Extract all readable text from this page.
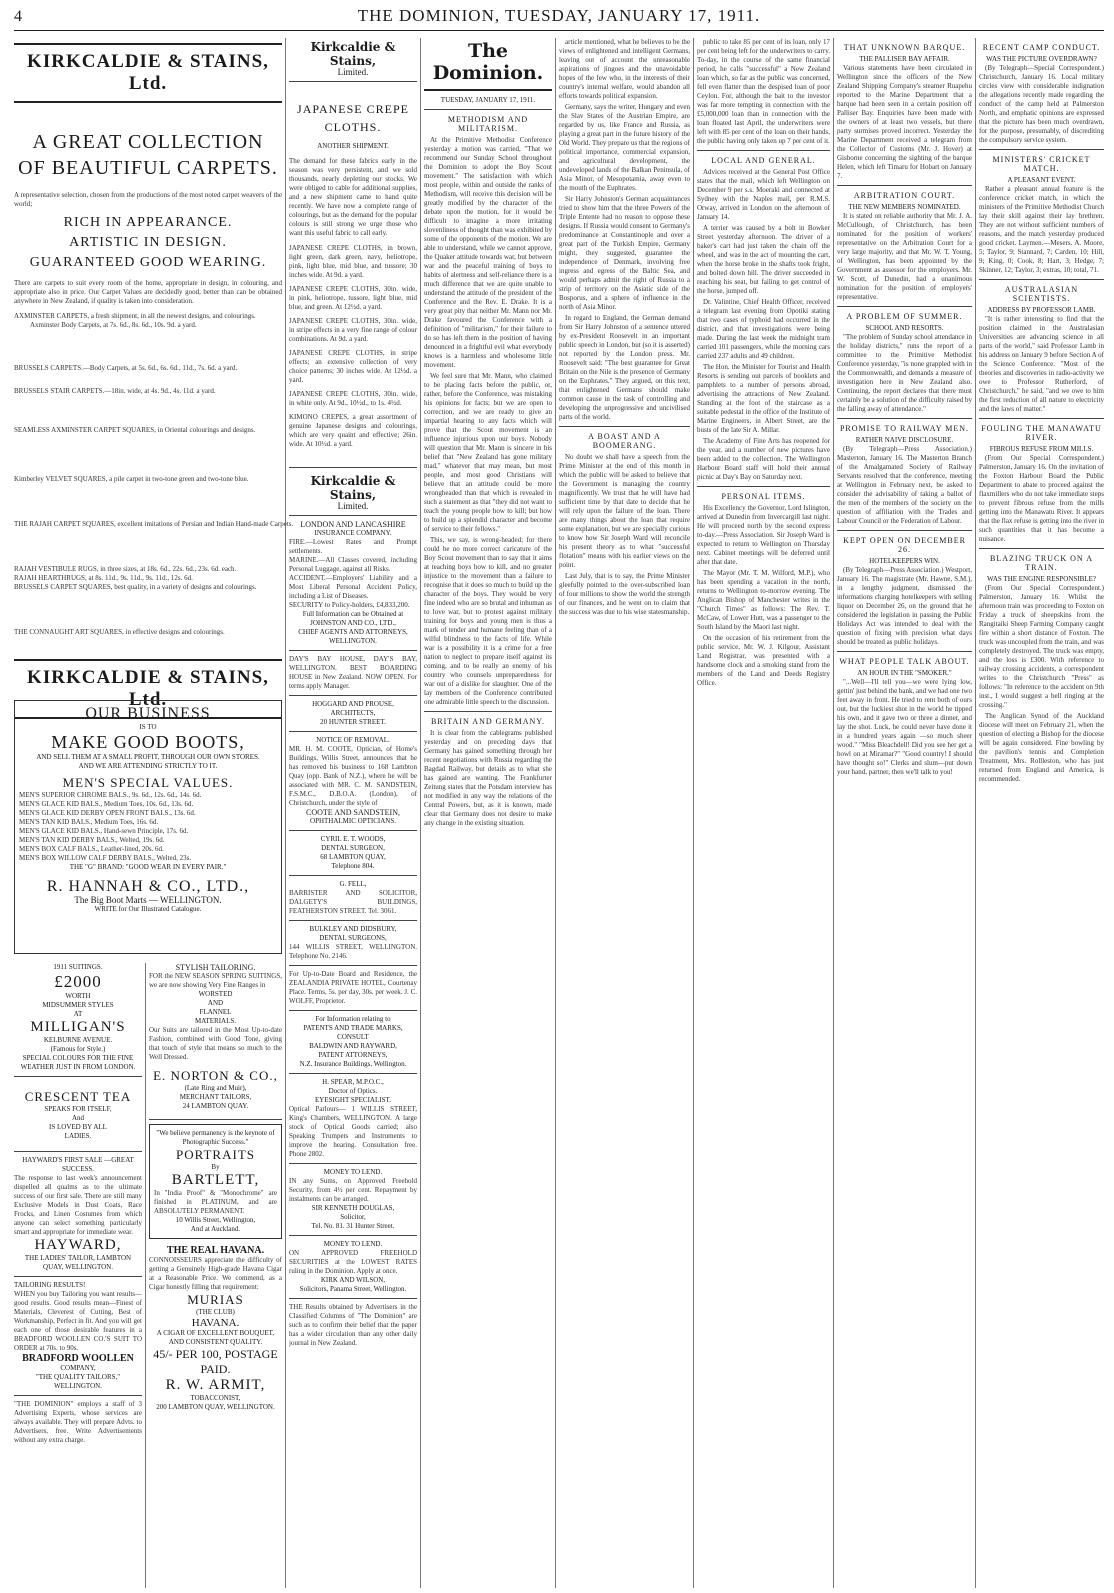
4	THE DOMINION, TUESDAY, JANUARY 17, 1911.
KIRKCALDIE & STAINS, Ltd.
A GREAT COLLECTION
OF BEAUTIFUL CARPETS.
A representative selection, chosen from the productions of the most noted carpet weavers of the world;
RICH IN APPEARANCE.
ARTISTIC IN DESIGN.
GUARANTEED GOOD WEARING.
There are carpets to suit every room of the home, appropriate in design, in colouring, and appropriate also in price. Our Carpet Values are decidedly good, better than can be obtained anywhere in New Zealand, if quality is taken into consideration.
AXMINSTER CARPETS, a fresh shipment, in all the newest designs, and colourings.
Axminster Body Carpets, at 7s. 6d., 8s. 6d., 10s. 9d. a yard.
BRUSSELS CARPETS.—Body Carpets, at 5s. 6d., 6s. 6d., 11d., 7s. 6d. a yard.
BRUSSELS STAIR CARPETS.—18in. wide, at 4s. 9d., 4s. 11d. a yard.
SEAMLESS AXMINSTER CARPET SQUARES, in Oriental colourings and designs.
Kimberley VELVET SQUARES, a pile carpet in two-tone green and two-tone blue.
THE RAJAH CARPET SQUARES, excellent imitations of Persian and Indian Hand-made Carpets.
RAJAH VESTIBULE RUGS, in three sizes, at 18s. 6d., 22s. 6d., 23s. 6d. each.
RAJAH HEARTHRUGS, at 8s. 11d., 9s. 11d., 9s. 11d., 12s. 6d.
BRUSSELS CARPET SQUARES, best quality, in a variety of designs and colourings.
THE CONNAUGHT ART SQUARES, in effective designs and colourings.
KIRKCALDIE & STAINS, Ltd.
OUR BUSINESS
IS TO
MAKE GOOD BOOTS,
AND SELL THEM AT A SMALL PROFIT, THROUGH OUR OWN STORES.
AND WE ARE ATTENDING STRICTLY TO IT.
MEN'S SPECIAL VALUES.
MEN'S SUPERIOR CHROME BALS., 9s. 6d., 12s. 6d., 14s. 6d.
MEN'S GLACE KID BALS., Medium Toes, 10s. 6d., 13s. 6d.
MEN'S GLACE KID DERBY OPEN FRONT BALS., 13s. 6d.
MEN'S TAN KID BALS., Medium Toes, 16s. 6d.
MEN'S GLACE KID BALS., Hand-sewn Principle, 17s. 6d.
MEN'S TAN KID DERBY BALS., Welted, 19s. 6d.
MEN'S BOX CALF BALS., Leather-lined, 20s. 6d.
MEN'S BOX WILLOW CALF DERBY BALS., Welted, 23s.
THE "G" BRAND: "GOOD WEAR IN EVERY PAIR."
R. HANNAH & CO., LTD.,
The Big Boot Marts — WELLINGTON.
WRITE for Our Illustrated Catalogue.
1911 SUITINGS.
£2000
WORTH
MIDSUMMER STYLES
AT
MILLIGAN'S
KELBURNE AVENUE.
(Famous for Style.)
SPECIAL COLOURS FOR THE FINE WEATHER JUST IN FROM LONDON.
CRESCENT TEA
SPEAKS FOR ITSELF,
And
IS LOVED BY ALL
LADIES.
HAYWARD'S FIRST SALE —GREAT SUCCESS.
The response to last week's announcement dispelled all qualms as to the ultimate success of our first sale. There are still many Exclusive Models in Dust Coats, Race Frocks, and Linen Costumes from which anyone can select something particularly smart and appropriate for immediate wear.
HAYWARD,
THE LADIES' TAILOR, LAMBTON QUAY, WELLINGTON.
TAILORING RESULTS!
WHEN you buy Tailoring you want results—good results. Good results mean—Finest of Materials, Cleverest of Cutting, Best of Workmanship, Perfect in fit. And you will get each one of those desirable features in a BRADFORD WOOLLEN CO.'S SUIT TO ORDER at 70s. to 90s.
BRADFORD WOOLLEN
COMPANY,
"THE QUALITY TAILORS,"
WELLINGTON.
"THE DOMINION" employs a staff of 3 Advertising Experts, whose services are always available. They will prepare Advts. to Advertisers, free. Write Advertisements without any extra charge.
STYLISH TAILORING.
FOR the NEW SEASON SPRING SUITINGS, we are now showing Very Fine Ranges in
WORSTED
AND
FLANNEL
MATERIALS.
Our Suits are tailored in the Most Up-to-date Fashion, combined with Good Tone, giving that touch of style that means so much to the Well Dressed.
E. NORTON & CO.,
(Late Ring and Muir),
MERCHANT TAILORS,
24 LAMBTON QUAY.
"We believe permanency is the keynote of Photographic Success."
PORTRAITS
By
BARTLETT,
In "India Proof" & "Monochrome" are finished in PLATINUM, and are ABSOLUTELY PERMANENT.
10 Willis Street, Wellington,
And at Auckland.
THE REAL HAVANA.
CONNOISSEURS appreciate the difficulty of getting a Genuinely High-grade Havana Cigar at a Reasonable Price. We commend, as a Cigar honestly filling that requirement:
MURIAS
(THE CLUB)
HAVANA.
A CIGAR OF EXCELLENT BOUQUET, AND CONSISTENT QUALITY.
45/- PER 100, POSTAGE PAID.
R. W. ARMIT,
TOBACCONIST,
200 LAMBTON QUAY, WELLINGTON.
Kirkcaldie & Stains,
Limited.
JAPANESE CREPE CLOTHS.
ANOTHER SHIPMENT.
The demand for these fabrics early in the season was very persistent, and we sold thousands, nearly depleting our stocks. We were obliged to cable for additional supplies, and a new shipment came to hand quite recently. We have now a complete range of colourings, but as the demand for the popular colours is still strong we urge those who want this useful fabric to call early.
JAPANESE CREPE CLOTHS, in brown, light green, dark green, navy, heliotrope, pink, light blue, mid blue, and tussore; 30 inches wide. At 9d. a yard.
JAPANESE CREPE CLOTHS, 30in. wide, in pink, heliotrope, tussore, light blue, mid blue, and green. At 12½d. a yard.
JAPANESE CREPE CLOTHS, 30in. wide, in stripe effects in a very fine range of colour combinations. At 9d. a yard.
JAPANESE CREPE CLOTHS, in stripe effects; an extensive collection of very choice patterns; 30 inches wide. At 12½d. a yard.
JAPANESE CREPE CLOTHS, 30in. wide, in white only. At 9d., 10½d., to 1s. 4½d.
KIMONO CREPES, a great assortment of genuine Japanese designs and colourings, which are very quaint and effective; 26in. wide. At 10½d. a yard.
Kirkcaldie & Stains,
Limited.
LONDON AND LANCASHIRE
INSURANCE COMPANY.
FIRE.—Lowest Rates and Prompt settlements.
MARINE.—All Classes covered, including Personal Luggage, against all Risks.
ACCIDENT.—Employers' Liability and a Most Liberal Personal Accident Policy, including a List of Diseases.
SECURITY to Policy-holders, £4,833,200.
Full Information can be Obtained at
JOHNSTON AND CO., LTD.,
CHIEF AGENTS AND ATTORNEYS, WELLINGTON.
DAY'S BAY HOUSE, DAY'S BAY, WELLINGTON. BEST BOARDING HOUSE in New Zealand. NOW OPEN. For terms apply Manager.
HOGGARD AND PROUSE,
ARCHITECTS,
20 HUNTER STREET.
NOTICE OF REMOVAL.
MR. H. M. COOTE, Optician, of Home's Buildings, Willis Street, announces that he has removed his business to 168 Lambton Quay (opp. Bank of N.Z.), where he will be associated with MR. C. M. SANDSTEIN, F.S.M.C., D.B.O.A. (London), of Christchurch, under the style of
COOTE AND SANDSTEIN,
OPHTHALMIC OPTICIANS.
CYRIL E. T. WOODS,
DENTAL SURGEON,
68 LAMBTON QUAY,
Telephone 804.
G. FELL,
BARRISTER AND SOLICITOR, DALGETY'S BUILDINGS, FEATHERSTON STREET. Tel. 3061.
BULKLEY AND DIDSBURY,
DENTAL SURGEONS,
144 WILLIS STREET, WELLINGTON. Telephone No. 2146.
For Up-to-Date Board and Residence, the ZEALANDIA PRIVATE HOTEL, Courtenay Place. Terms, 5s. per day, 30s. per week. J. C. WOLFF, Proprietor.
For Information relating to
PATENTS AND TRADE MARKS,
CONSULT
BALDWIN AND RAYWARD,
PATENT ATTORNEYS,
N.Z. Insurance Buildings, Wellington.
H. SPEAR, M.P.O.C.,
Doctor of Optics.
EYESIGHT SPECIALIST.
Optical Parlours— 1 WILLIS STREET, King's Chambers, WELLINGTON. A large stock of Optical Goods carried; also Speaking Trumpets and Instruments to improve the hearing. Consultation free. Phone 2802.
MONEY TO LEND.
IN any Sums, on Approved Freehold Security, from 4½ per cent. Repayment by instalments can be arranged.
SIR KENNETH DOUGLAS,
Solicitor,
Tel. No. 81. 31 Hunter Street.
MONEY TO LEND.
ON APPROVED FREEHOLD SECURITIES at the LOWEST RATES ruling in the Dominion. Apply at once.
KIRK AND WILSON,
Solicitors, Panama Street, Wellington.
THE Results obtained by Advertisers in the Classified Columns of "The Dominion" are such as to confirm their belief that the paper has a wider circulation than any other daily journal in New Zealand.
The Dominion.
TUESDAY, JANUARY 17, 1911.
METHODISM AND MILITARISM.

At the Primitive Methodist Conference yesterday a motion was carried, "That we recommend our Sunday School throughout the Dominion to adopt the Boy Scout movement." The satisfaction with which most people, within and outside the ranks of Methodism, will receive this decision will be greatly modified by the character of the debate upon the motion, for it would be difficult to imagine a more irritating slovenliness of thought than was exhibited by some of the opponents of the motion. We are able to understand, while we cannot approve, the Quaker attitude towards war, but between war and the peaceful training of boys to habits of alertness and self-reliance there is a much difference that we are quite unable to understand the attitude of the president of the Conference and the Rev. E. Drake. It is a very great pity that neither Mr. Mann nor Mr. Drake favoured the Conference with a definition of "militarism," for their failure to do so has left them in the position of having denounced in a frightful evil what everybody knows is a harmless and wholesome little movement.

We feel sure that Mr. Mann, who claimed to be placing facts before the public, or, rather, before the Conference, was mistaking his opinions for facts; but we are open to correction, and we are ready to give an impartial hearing to any facts which will prove that the Scout movement is an influence injurious upon our boys. Nobody will question that Mr. Mann is sincere in his belief that "New Zealand has gone military mad," whatever that may mean, but most people, and most good Christians will believe that an attitude could be more wrongheaded than that which is revealed in such a statement as that "they did not want to teach the young people how to kill; but how to build up a splendid character and become of service to their fellows."

This, we say, is wrong-headed; for there could be no more correct caricature of the Boy Scout movement than to say that it aims at teaching boys how to kill, and no greater injustice to the movement than a failure to recognise that it does so much to build up the character of the boys. They would be very fine indeed who are so brutal and inhuman as to love war, but to protest against military training for boys and young men is thus a mark of tender and humane feeling than of a wilful blindness to the facts of life. While war is a possibility it is a crime for a free nation to neglect to prepare itself against its coming, and to be really an enemy of his country who counsels unpreparedness for war out of a dislike for slaughter. One of the lay members of the Conference contributed one admirable little speech to the discussion.

BRITAIN AND GERMANY.

It is clear from the cablegrams published yesterday and on preceding days that Germany has gained something through her recent negotiations with Russia regarding the Bagdad Railway, but details as to what she has gained are wanting. The Frankfurter Zeitung states that the Potsdam interview has not modified in any way the relations of the Central Powers, but, as it is known, made clear that Germany does not desire to make any change in the existing situation.

article mentioned, what he believes to be the views of enlightened and intelligent Germans, leaving out of account the unreasonable aspirations of jingoes and the unavoidable hopes of the few who, in the interests of their country's internal welfare, would abandon all efforts towards political expansion.

Germany, says the writer, Hungary and even the Slav States of the Austrian Empire, are regarded by us, like France and Russia, as playing a great part in the future history of the Old World. They prepare us that the regions of political importance, commercial expansion, and agricultural development, the undeveloped lands of the Balkan Peninsula, of Asia Minor, of Mesopotamia, away even to the mouth of the Euphrates.

Sir Harry Johnston's German acquaintances tried to show him that the three Powers of the Triple Entente had no reason to oppose these designs. If Russia would consent to Germany's predominance at Constantinople and over a great part of the Turkish Empire, Germany might, they suggested, guarantee the independence of Denmark, involving free ingress and egress of the Baltic Sea, and would perhaps admit the right of Russia to a strip of territory on the Asiatic side of the Bosporus, and a sphere of influence in the north of Asia Minor.

In regard to England, the German demand from Sir Harry Johnston of a sentence uttered by ex-President Roosevelt in an important public speech in London, but (so it is asserted) not reported by the London press. Mr. Roosevelt said: "The best guarantee for Great Britain on the Nile is the presence of Germany on the Euphrates." They argued, on this text, that enlightened Germans should make common cause in the task of controlling and developing the unprogressive and uncivilised parts of the world.

A BOAST AND A BOOMERANG.

No doubt we shall have a speech from the Prime Minister at the end of this month in which the public will be asked to believe that the Government is managing the country magnificently. We trust that he will have had sufficient time by that date to decide that he will rely upon the failure of the loan. There are many things about the loan that require some explanation, but we are specially curious to know how Sir Joseph Ward will reconcile his present theory as to what "successful flotation" means with his earlier views on the point.

Last July, that is to say, the Prime Minister gleefully pointed to the over-subscribed loan of four millions to show the world the strength of our finances, and he went on to claim that the success was due to his wise statesmanship.

public to take 85 per cent of its loan, only 17 per cent being left for the underwriters to carry. To-day, in the course of the same financial period, he calls "successful" a New Zealand loan which, so far as the public was concerned, fell even flatter than the despised loan of poor Ceylon. For, although the bait to the investor was far more tempting in connection with the £5,000,000 loan than in connection with the loan floated last April, the underwriters were left with 85 per cent of the loan on their hands, the public having only taken up 7 per cent of it.

LOCAL AND GENERAL.

Advices received at the General Post Office states that the mail, which left Wellington on December 9 per s.s. Moeraki and connected at Sydney with the Naples mail, per R.M.S. Orway, arrived in London on the afternoon of January 14.

A terrier was caused by a bolt in Bowker Street yesterday afternoon. The driver of a baker's cart had just taken the chain off the wheel, and was in the act of mounting the cart, when the horse broke in the shafts took fright, and bolted down hill. The driver succeeded in reaching his seat, but failing to get control of the horse, jumped off.

Dr. Valintine, Chief Health Officer, received a telegram last evening from Opotiki stating that two cases of typhoid had occurred in the district, and that investigations were being made. During the last week the midnight tram carried 101 passengers, while the morning cars carried 237 adults and 49 children.

The Hon. the Minister for Tourist and Health Resorts is sending out parcels of booklets and pamphlets to a number of persons abroad, advertising the attractions of New Zealand. Standing at the foot of the staircase as a suitable pedestal in the office of the Institute of Marine Engineers, in Albert Street, are the busts of the late Sir A. Millar.

The Academy of Fine Arts has reopened for the year, and a number of new pictures have been added to the collection. The Wellington Harbour Board staff will hold their annual picnic at Day's Bay on Saturday next.

PERSONAL ITEMS.

His Excellency the Governor, Lord Islington, arrived at Dunedin from Invercargill last night. He will proceed north by the second express to-day.—Press Association. Sir Joseph Ward is expected to return to Wellington on Thursday next. Cabinet meetings will be deferred until after that date.

The Mayor (Mr. T. M. Wilford, M.P.), who has been spending a vacation in the north, returns to Wellington to-morrow evening. The Anglican Bishop of Manchester writes in the "Church Times" as follows: The Rev. T. McCaw, of Lower Hutt, was a passenger to the South Island by the Maori last night.

On the occasion of his retirement from the public service, Mr. W. J. Kilgour, Assistant Land Registrar, was presented with a handsome clock and a smoking stand from the members of the Land and Deeds Registry Office.

THAT UNKNOWN BARQUE.
THE PALLISER BAY AFFAIR.

Various statements have been circulated in Wellington since the officers of the New Zealand Shipping Company's steamer Ruapehu reported to the Marine Department that a barque had been seen in a certain position off Palliser Bay. Enquiries have been made with the owners of at least two vessels, but there party surmises proved incorrect. Yesterday the Marine Department received a telegram from the Collector of Customs (Mr. J. Hover) at Gisborne concerning the sighting of the barque Helen, which left Timaru for Hobart on January 7.

ARBITRATION COURT.
THE NEW MEMBERS NOMINATED.

It is stated on reliable authority that Mr. J. A. McCullough, of Christchurch, has been nominated for the position of workers' representative on the Arbitration Court for a very large majority, and that Mr. W. T. Young, of Wellington, has been appointed by the Government as assessor for the employers. Mr. W. Scott, of Dunedin, had a unanimous nomination for the position of employers' representative.

A PROBLEM OF SUMMER.
SCHOOL AND RESORTS.

"The problem of Sunday school attendance in the holiday districts," runs the report of a committee to the Primitive Methodist Conference yesterday, "is none grappled with in the Commonwealth, and demands a measure of investigation here in New Zealand also. Continuing, the report declares that there must certainly be a solution of the difficulty raised by the falling away of attendance."

PROMISE TO RAILWAY MEN.
RATHER NAIVE DISCLOSURE.

(By Telegraph—Press Association.) Masterton, January 16. The Masterton Branch of the Amalgamated Society of Railway Servants resolved that the conference, meeting at Wellington in February next, be asked to consider the advisability of taking a ballot of the men of the members of the society on the question of affiliation with the Trades and Labour Council or the Federation of Labour.

KEPT OPEN ON DECEMBER 26.
HOTELKEEPERS WIN.

(By Telegraph—Press Association.) Westport, January 16. The magistrate (Mr. Hawne, S.M.), in a lengthy judgment, dismissed the informations charging hotelkeepers with selling liquor on December 26, on the ground that he considered the legislation in passing the Public Holidays Act was intended to deal with the question of fixing with precision what days should be treated as public holidays.

WHAT PEOPLE TALK ABOUT.
AN HOUR IN THE "SMOKER."

"...Well—I'll tell you—we were lying low, gettin' just behind the bank, and we had one two feet away in front. He tried to rent both of ours out, but the luckiest shot in the world he tipped his own, and it gave two or three a dinner, and lay the shot. Luck, he could never have done it in a hundred years again —so much sheer wood." "Miss Bleachdell! Did you see her get a bowl on at Miramar?" "Good country! I should have thought so!" Clerks and slum—put down your hand, partner, then we'll talk to you!

RECENT CAMP CONDUCT.
WAS THE PICTURE OVERDRAWN?

(By Telegraph—Special Correspondent.) Christchurch, January 16. Local military circles view with considerable indignation the allegations recently made regarding the conduct of the camp held at Palmerston North, and emphatic opinions are expressed that the picture has been much overdrawn, for the purpose, presumably, of discrediting the compulsory service system.

MINISTERS' CRICKET MATCH.
A PLEASANT EVENT.

Rather a pleasant annual feature is the conference cricket match, in which the ministers of the Primitive Methodist Church lay their skill against their lay brethren. They are not without sufficient numbers of reasons, and the match yesterday produced good cricket. Laymen.—Mesers. A. Moore, 5; Taylor, 9; Stannard, 7; Carden, 10; Hill, 9; King, 0; Cook, 8; Hart, 3; Hedge, 7; Skinner, 12; Taylor, 3; extras, 10; total, 71.

AUSTRALASIAN SCIENTISTS.
ADDRESS BY PROFESSOR LAMB.

"It is rather interesting to find that the position claimed in the Australasian Universities are advancing science in all parts of the world," said Professor Lamb in his address on January 9 before Section A of the Science Conference. "Most of the theories and discoveries in radio-activity we owe to Professor Rutherford, of Christchurch," he said, "and we owe to him the first reduction of all nature to electricity and the laws of matter."

FOULING THE MANAWATU RIVER.
FIBROUS REFUSE FROM MILLS.

(From Our Special Correspondent.) Palmerston, January 16. On the invitation of the Foxton Harbour Board the Public Department to abate to proceed against the flaxmillers who do not take immediate steps to prevent fibrous refuse from the mills getting into the Manawatu River. It appears that the flax refuse is getting into the river in such quantities that it has become a nuisance.

BLAZING TRUCK ON A TRAIN.
WAS THE ENGINE RESPONSIBLE?

(From Our Special Correspondent.) Palmerston, January 16. Whilst the afternoon train was proceeding to Foxton on Friday a truck of sheepskins from the Rangitaiki Sheep Farming Company caught fire within a short distance of Foxton. The truck was uncoupled from the train, and was completely destroyed. The truck was empty, and the loss is £300. With reference to railway crossing accidents, a correspondent writes to the Christchurch "Press" as follows: "In reference to the accident on 9th inst., I would suggest a bell ringing at the crossing."

The Anglican Synod of the Auckland diocese will meet on February 21, when the question of electing a Bishop for the diocese will be again considered. Fine bowling by the pavilion's tennis and Completion Treatment, Mrs. Rollleston, who has just returned from England and America, is recommended.
